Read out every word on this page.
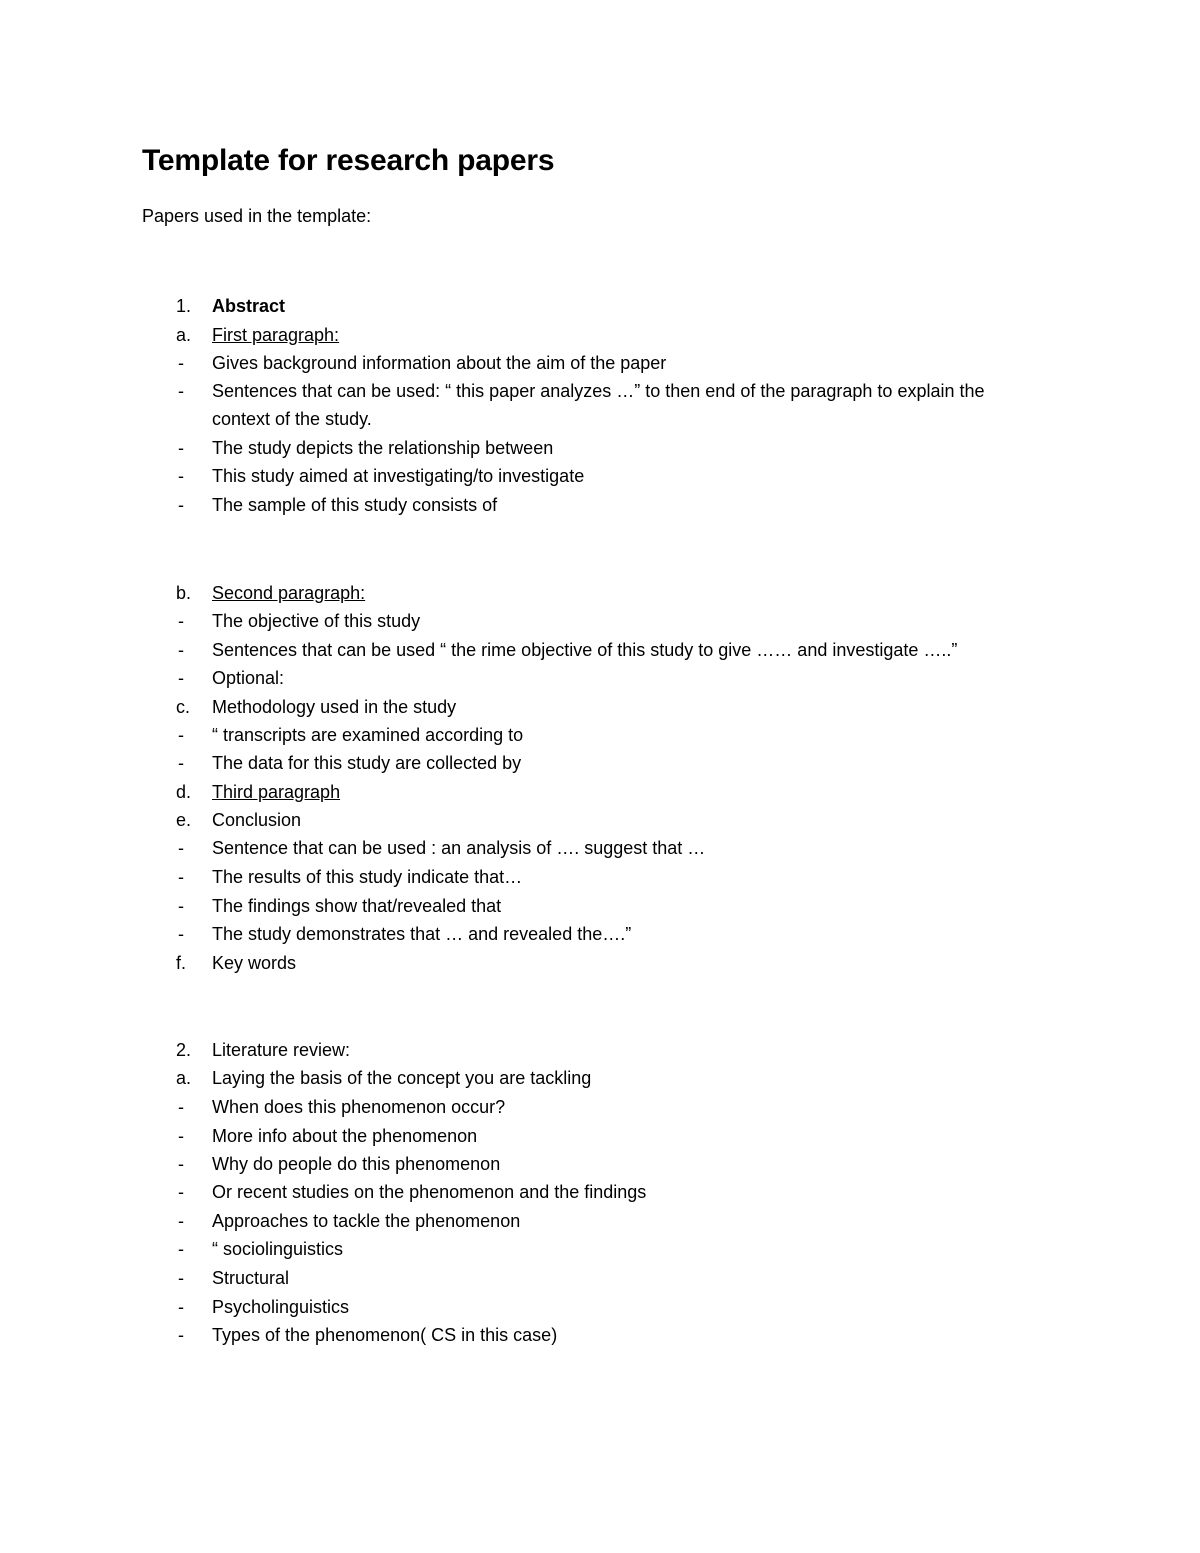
Template for research papers
Papers used in the template:
1. Abstract
a. First paragraph:
- Gives background information about the aim of the paper
- Sentences that can be used: “ this paper analyzes …” to then end of the paragraph to explain the
context of the study.
- The study depicts the relationship between
- This study aimed at investigating/to investigate
- The sample of this study consists of
b. Second paragraph:
- The objective of this study
- Sentences that can be used “ the rime objective of this study to give …… and investigate …..”
- Optional:
c. Methodology used in the study
- “ transcripts are examined according to
- The data for this study are collected by
d. Third paragraph
e. Conclusion
- Sentence that can be used : an analysis of …. suggest that …
- The results of this study indicate that…
- The findings show that/revealed that
- The study demonstrates that … and revealed the….”
f. Key words
2. Literature review:
a. Laying the basis of the concept you are tackling
- When does this phenomenon occur?
- More info about the phenomenon
- Why do people do this phenomenon
- Or recent studies on the phenomenon and the findings
- Approaches to tackle the phenomenon
- “ sociolinguistics
- Structural
- Psycholinguistics
- Types of the phenomenon( CS in this case)
